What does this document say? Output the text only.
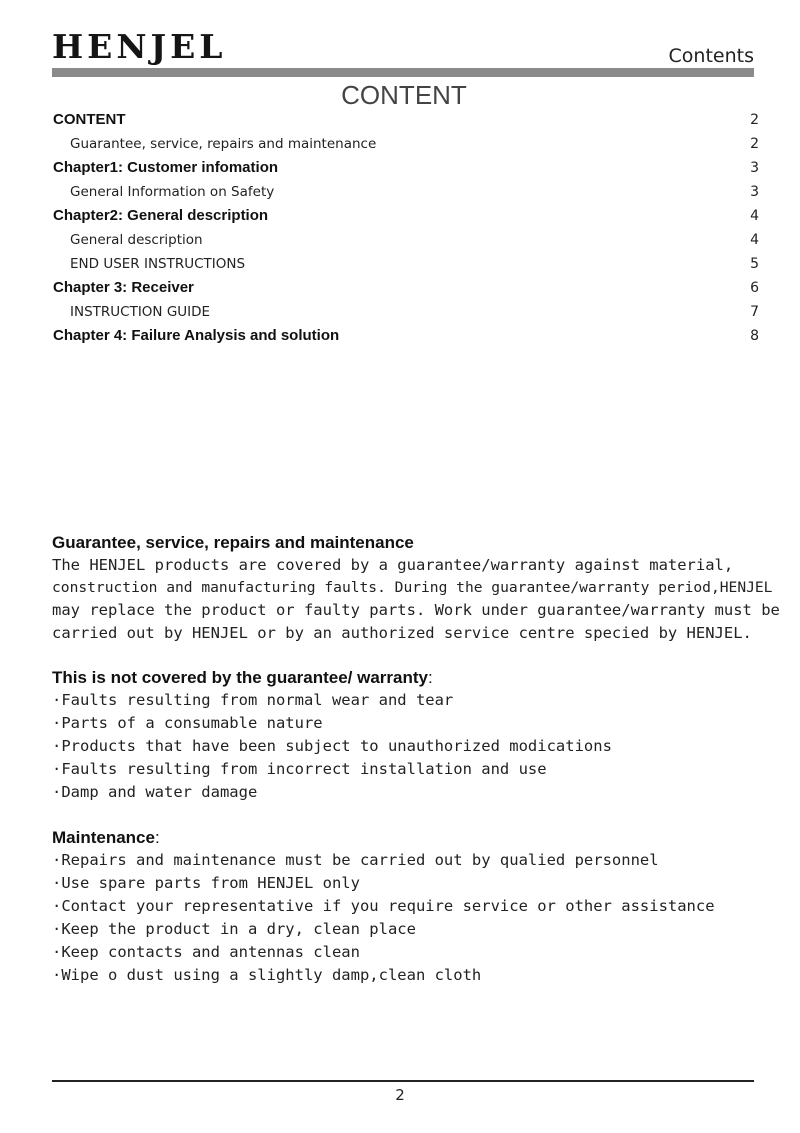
HENJEL	Contents
CONTENT
CONTENT	2
Guarantee, service, repairs and maintenance	2
Chapter1: Customer infomation	3
General Information on Safety	3
Chapter2: General description	4
General description	4
END USER INSTRUCTIONS	5
Chapter 3: Receiver	6
INSTRUCTION GUIDE	7
Chapter 4: Failure Analysis and solution	8
Guarantee, service, repairs and maintenance
The HENJEL products are covered by a guarantee/warranty against material,
construction and manufacturing faults. During the guarantee/warranty period,HENJEL
may replace the product or faulty parts. Work under guarantee/warranty must be
carried out by HENJEL or by an authorized service centre specied by HENJEL.
This is not covered by the guarantee/ warranty:
·Faults resulting from normal wear and tear
·Parts of a consumable nature
·Products that have been subject to unauthorized modications
·Faults resulting from incorrect installation and use
·Damp and water damage
Maintenance:
·Repairs and maintenance must be carried out by qualied personnel
·Use spare parts from HENJEL only
·Contact your representative if you require service or other assistance
·Keep the product in a dry, clean place
·Keep contacts and antennas clean
·Wipe o dust using a slightly damp,clean cloth
2
